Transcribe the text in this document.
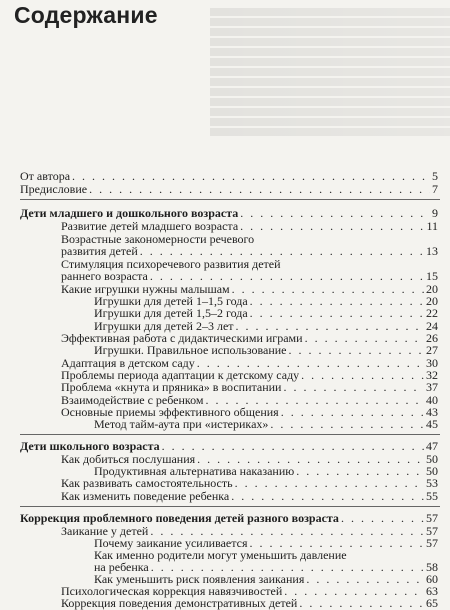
Содержание
От автора . . .	5
Предисловие . . .	7
Дети младшего и дошкольного возраста . . .	9
Развитие детей младшего возраста . . .	11
Возрастные закономерности речевого
развития детей . . .	13
Стимуляция психоречевого развития детей
раннего возраста . . .	15
Какие игрушки нужны малышам . . .	20
Игрушки для детей 1–1,5 года . . .	20
Игрушки для детей 1,5–2 года . . .	22
Игрушки для детей 2–3 лет . . .	24
Эффективная работа с дидактическими играми . . .	26
Игрушки. Правильное использование . . .	27
Адаптация в детском саду . . .	30
Проблемы периода адаптации к детскому саду . . .	32
Проблема «кнута и пряника» в воспитании . . .	37
Взаимодействие с ребенком . . .	40
Основные приемы эффективного общения . . .	43
Метод тайм-аута при «истериках» . . .	45
Дети школьного возраста . . .	47
Как добиться послушания . . .	50
Продуктивная альтернатива наказанию . . .	50
Как развивать самостоятельность . . .	53
Как изменить поведение ребенка . . .	55
Коррекция проблемного поведения детей разного возраста . . .	57
Заикание у детей . . .	57
Почему заикание усиливается . . .	57
Как именно родители могут уменьшить давление
на ребенка . . .	58
Как уменьшить риск появления заикания . . .	60
Психологическая коррекция навязчивостей . . .	63
Коррекция поведения демонстративных детей . . .	65
